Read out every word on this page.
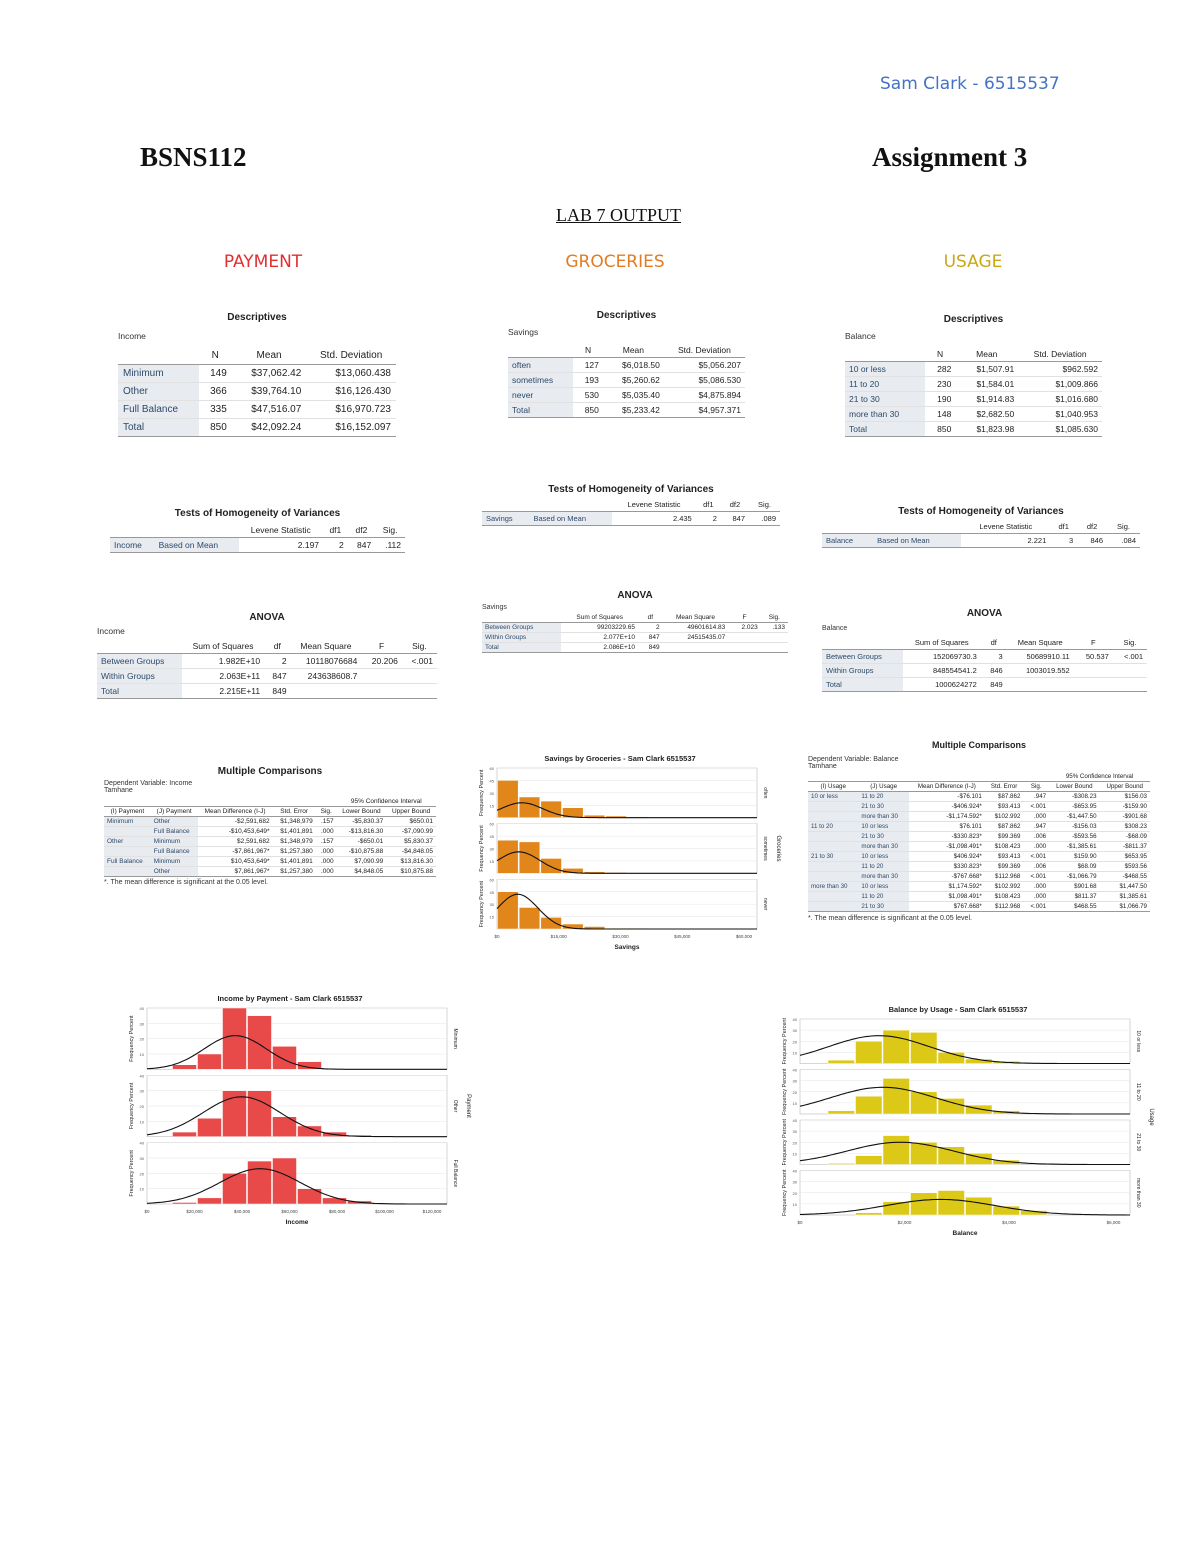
Sam Clark - 6515537
BSNS112	Assignment 3
LAB 7 OUTPUT
PAYMENT	GROCERIES	USAGE
Descriptives
Income
	N	Mean	Std. Deviation
Minimum	149	$37,062.42	$13,060.438
Other	366	$39,764.10	$16,126.430
Full Balance	335	$47,516.07	$16,970.723
Total	850	$42,092.24	$16,152.097
Tests of Homogeneity of Variances
		Levene Statistic	df1	df2	Sig.
Income	Based on Mean	2.197	2	847	.112
ANOVA
Income
	Sum of Squares	df	Mean Square	F	Sig.
Between Groups	1.982E+10	2	10118076684	20.206	<.001
Within Groups	2.063E+11	847	243638608.7		
Total	2.215E+11	849			
Multiple Comparisons
Dependent Variable: Income
Tamhane
					95% Confidence Interval	
(I) Payment	(J) Payment	Mean Difference (I-J)	Std. Error	Sig.	Lower Bound	Upper Bound
Minimum	Other	-$2,591,682	$1,348,979	.157	-$5,830.37	$650.01
	Full Balance	-$10,453,649*	$1,401,891	.000	-$13,816.30	-$7,090.99
Other	Minimum	$2,591,682	$1,348,979	.157	-$650.01	$5,830.37
	Full Balance	-$7,861,967*	$1,257,380	.000	-$10,875.88	-$4,848.05
Full Balance	Minimum	$10,453,649*	$1,401,891	.000	$7,090.99	$13,816.30
	Other	$7,861,967*	$1,257,380	.000	$4,848.05	$10,875.88
*. The mean difference is significant at the 0.05 level.
Descriptives
Savings
	N	Mean	Std. Deviation
often	127	$6,018.50	$5,056.207
sometimes	193	$5,260.62	$5,086.530
never	530	$5,035.40	$4,875.894
Total	850	$5,233.42	$4,957.371
Tests of Homogeneity of Variances
		Levene Statistic	df1	df2	Sig.
Savings	Based on Mean	2.435	2	847	.089
ANOVA
Savings
	Sum of Squares	df	Mean Square	F	Sig.
Between Groups	99203229.65	2	49601614.83	2.023	.133
Within Groups	2.077E+10	847	24515435.07		
Total	2.086E+10	849			
Descriptives
Balance
	N	Mean	Std. Deviation
10 or less	282	$1,507.91	$962.592
11 to 20	230	$1,584.01	$1,009.866
21 to 30	190	$1,914.83	$1,016.680
more than 30	148	$2,682.50	$1,040.953
Total	850	$1,823.98	$1,085.630
Tests of Homogeneity of Variances
		Levene Statistic	df1	df2	Sig.
Balance	Based on Mean	2.221	3	846	.084
ANOVA
Balance
	Sum of Squares	df	Mean Square	F	Sig.
Between Groups	152069730.3	3	50689910.11	50.537	<.001
Within Groups	848554541.2	846	1003019.552		
Total	1000624272	849			
Multiple Comparisons
Dependent Variable: Balance
Tamhane
					95% Confidence Interval	
(I) Usage	(J) Usage	Mean Difference (I-J)	Std. Error	Sig.	Lower Bound	Upper Bound
10 or less	11 to 20	-$76.101	$87.862	.947	-$308.23	$156.03
	21 to 30	-$406.924*	$93.413	<.001	-$653.95	-$159.90
	more than 30	-$1,174.592*	$102.992	.000	-$1,447.50	-$901.68
11 to 20	10 or less	$76.101	$87.862	.947	-$156.03	$308.23
	21 to 30	-$330.823*	$99.369	.006	-$593.56	-$68.09
	more than 30	-$1,098.491*	$108.423	.000	-$1,385.61	-$811.37
21 to 30	10 or less	$406.924*	$93.413	<.001	$159.90	$653.95
	11 to 20	$330.823*	$99.369	.006	$68.09	$593.56
	more than 30	-$767.668*	$112.968	<.001	-$1,066.79	-$468.55
more than 30	10 or less	$1,174.592*	$102.992	.000	$901.68	$1,447.50
	11 to 20	$1,098.491*	$108.423	.000	$811.37	$1,385.61
	21 to 30	$767.668*	$112.968	<.001	$468.55	$1,066.79
*. The mean difference is significant at the 0.05 level.
Savings by Groceries - Sam Clark 6515537
15
30
45
60
Frequency Percent	often
15
30
45
60
Frequency Percent	sometimes
15
30
45
60
Frequency Percent	never
Groceries
$0	$15,000	$30,000	$45,000	$60,000
Savings
Income by Payment - Sam Clark 6515537
10
20
30
40
Frequency Percent	Minimum
10
20
30
40
Frequency Percent	Other
10
20
30
40
Frequency Percent	Full Balance
Payment
$0	$20,000	$40,000	$60,000	$80,000	$100,000	$120,000
Income
Balance by Usage - Sam Clark 6515537
10
20
30
40
Frequency Percent	10 or less
10
20
30
40
Frequency Percent	11 to 20
10
20
30
40
Frequency Percent	21 to 30
10
20
30
40
Frequency Percent	more than 30
Usage
$0	$2,000	$4,000	$6,000
Balance
